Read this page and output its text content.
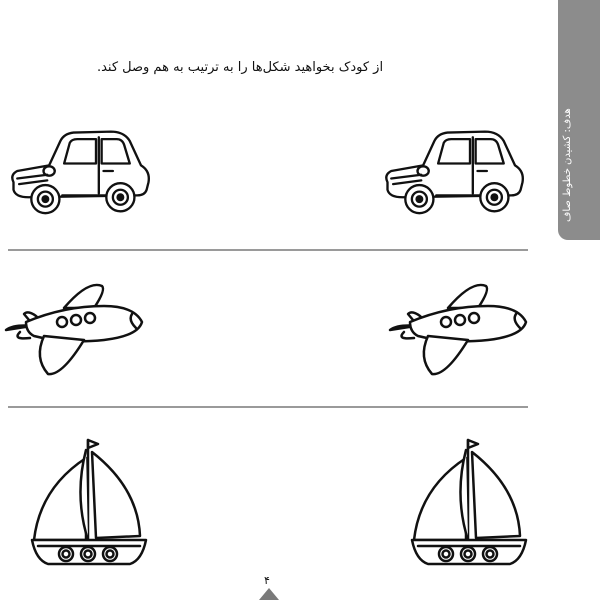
از کودک بخواهید شکل‌ها را به ترتیب به هم وصل کند.
هدف: کشیدن خطوط صاف
۴
